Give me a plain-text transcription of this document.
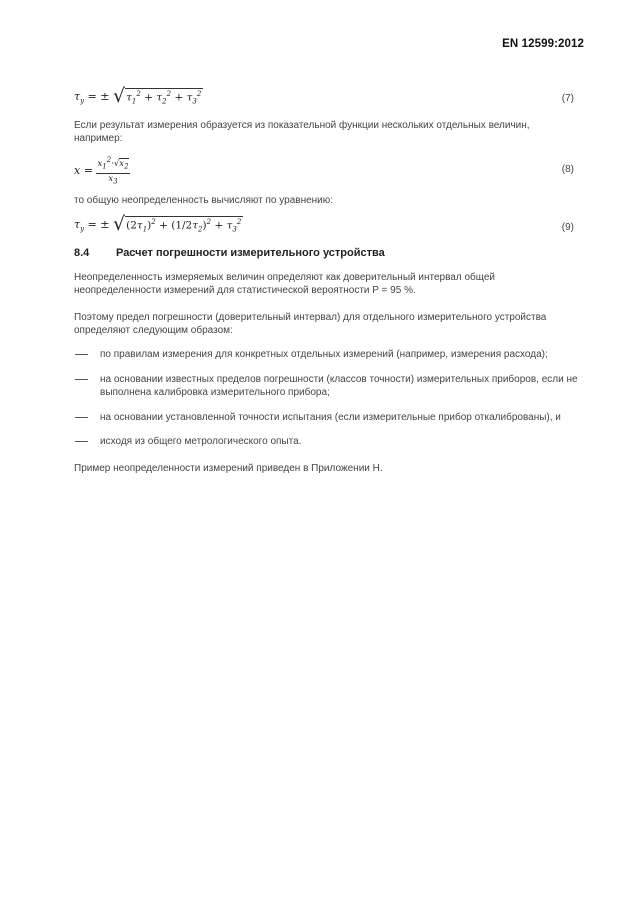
EN 12599:2012
$\tau_y$ = ± √ $\tau_1^2 + \tau_2^2 + \tau_3^2$	(7)
Если результат измерения образуется из показательной функции нескольких отдельных величин, например:
$x = \frac{x_1^2\cdot√x_2}{x_3}$	(8)
то общую неопределенность вычисляют по уравнению:
$\tau_y$ = ± √ $(2\tau_1)^2 + (1/2\tau_2)^2 + \tau_3^2$	(9)
8.4 Расчет погрешности измерительного устройства
Неопределенность измеряемых величин определяют как доверительный интервал общей неопределенности измерений для статистической вероятности P = 95 %.
Поэтому предел погрешности (доверительный интервал) для отдельного измерительного устройства определяют следующим образом:
по правилам измерения для конкретных отдельных измерений (например, измерения расхода);
на основании известных пределов погрешности (классов точности) измерительных приборов, если не выполнена калибровка измерительного прибора;
на основании установленной точности испытания (если измерительные прибор откалиброваны), и
исходя из общего метрологического опыта.
Пример неопределенности измерений приведен в Приложении H.
